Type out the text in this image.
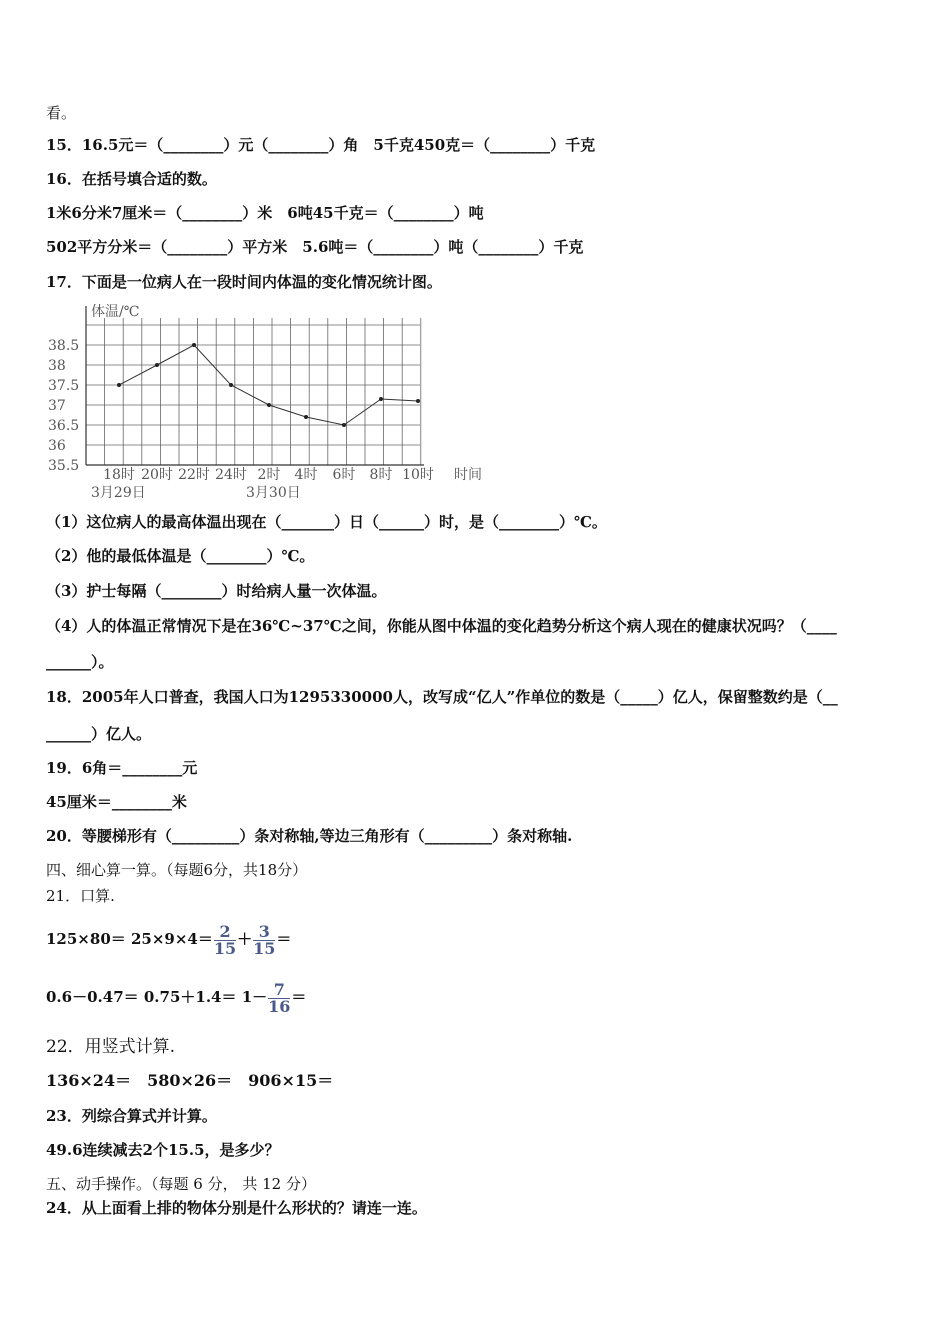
看。
15．16.5元＝（________）元（________）角　5千克450克＝（________）千克
16．在括号填合适的数。
1米6分米7厘米＝（________）米　6吨45千克＝（________）吨
502平方分米＝（________）平方米　5.6吨＝（________）吨（________）千克
17．下面是一位病人在一段时间内体温的变化情况统计图。
35.5
36
36.5
37
37.5
38
38.5
18时 20时 22时 24时 2时 4时 6时 8时 10时
体温/℃
时间
3月29日	3月30日
（1）这位病人的最高体温出现在（_______）日（______）时，是（________）℃。
（2）他的最低体温是（________）℃。
（3）护士每隔（________）时给病人量一次体温。
（4）人的体温正常情况下是在36℃~37℃之间，你能从图中体温的变化趋势分析这个病人现在的健康状况吗？（____
______）。
18．2005年人口普查，我国人口为1295330000人，改写成“亿人”作单位的数是（_____）亿人，保留整数约是（__
______）亿人。
19．6角＝________元
45厘米＝________米
20．等腰梯形有（_________）条对称轴,等边三角形有（_________）条对称轴.
四、细心算一算。（每题6分，共18分）
21．口算.
$125\times 80= 25\times 9\times 4= \frac{2}{15} + \frac{3}{15}$ ＝
$0.6-0.47= 0.75+1.4= 1- \frac{7}{16}$ ＝
22．用竖式计算.
136×24＝　580×26＝　906×15＝
23．列综合算式并计算。
49.6连续减去2个15.5，是多少？
五、动手操作。（每题 6 分， 共 12 分）
24．从上面看上排的物体分别是什么形状的？请连一连。
